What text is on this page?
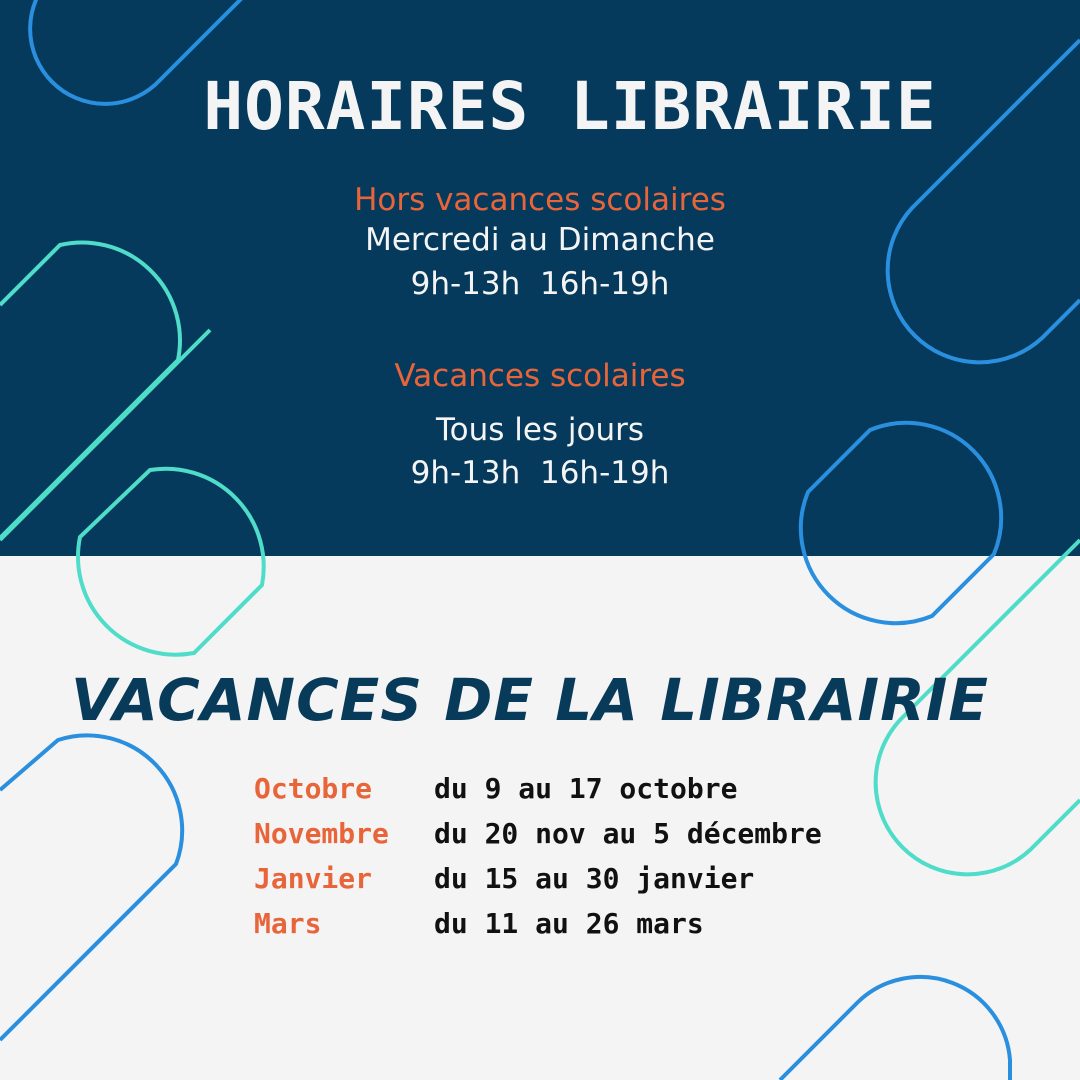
HORAIRES LIBRAIRIE
Hors vacances scolaires
Mercredi au Dimanche
9h-13h  16h-19h
Vacances scolaires
Tous les jours
9h-13h  16h-19h
VACANCES DE LA LIBRAIRIE
Octobre du 9 au 17 octobre
Novembre du 20 nov au 5 décembre
Janvier du 15 au 30 janvier
Mars	du 11 au 26 mars
